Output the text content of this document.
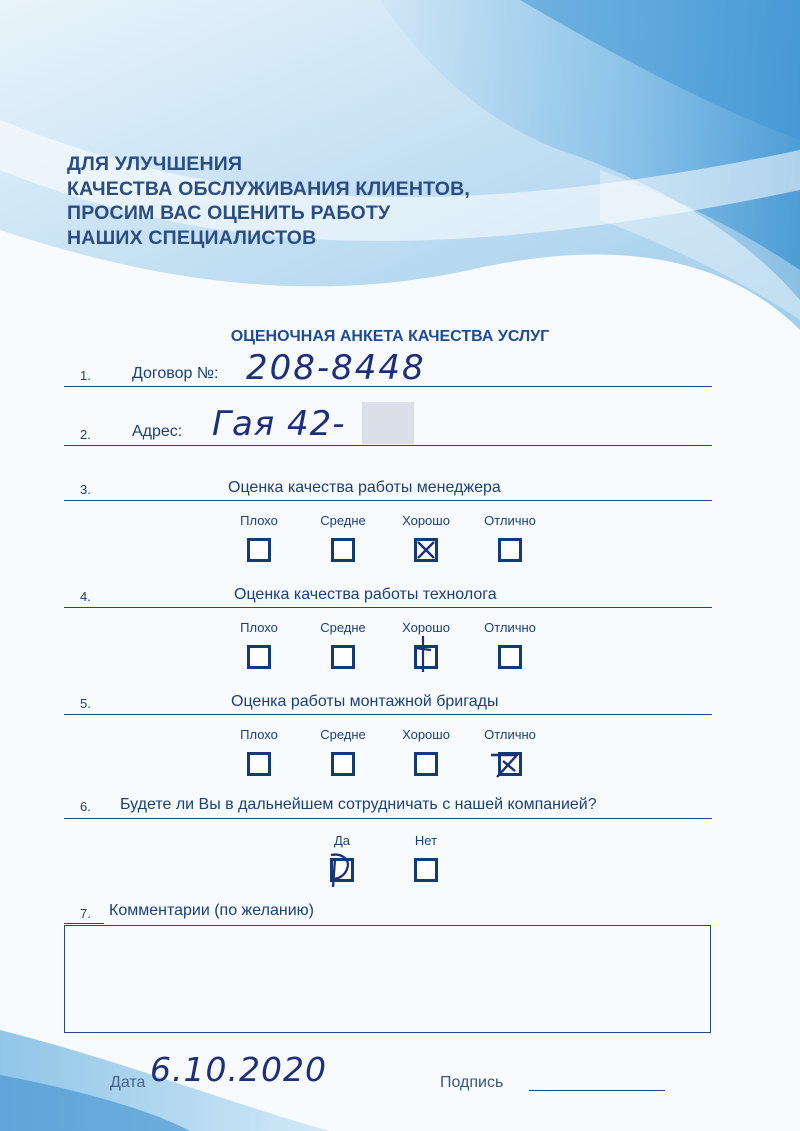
ДЛЯ УЛУЧШЕНИЯ
КАЧЕСТВА ОБСЛУЖИВАНИЯ КЛИЕНТОВ,
ПРОСИМ ВАС ОЦЕНИТЬ РАБОТУ
НАШИХ СПЕЦИАЛИСТОВ
ОЦЕНОЧНАЯ АНКЕТА КАЧЕСТВА УСЛУГ
1.	Договор №: 208-8448
2.	Адрес: Гая 42-
3.	Оценка качества работы менеджера
Плохо	Средне	Хорошо	Отлично
4.	Оценка качества работы технолога
Плохо	Средне	Хорошо	Отлично
5.	Оценка работы монтажной бригады
Плохо	Средне	Хорошо	Отлично
6. Будете ли Вы в дальнейшем сотрудничать с нашей компанией?
Да	Нет
7. Комментарии (по желанию)
Дата 6.10.2020	Подпись
